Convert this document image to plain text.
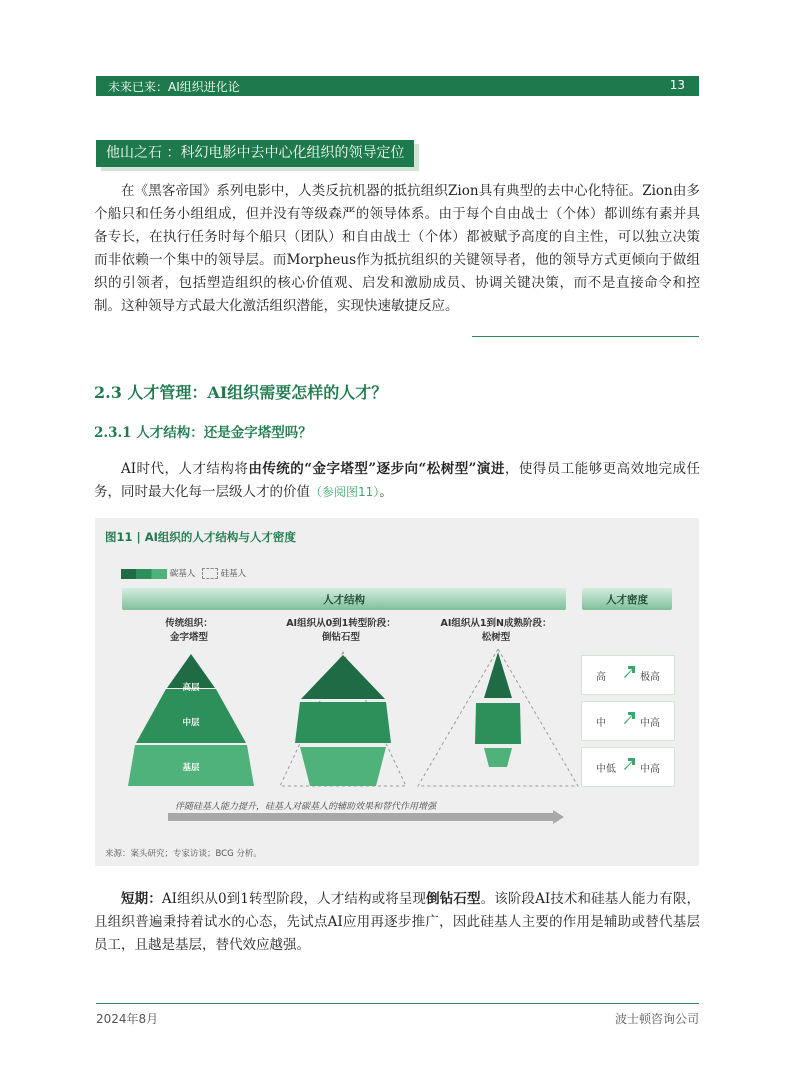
未来已来：AI组织进化论	13
他山之石 ：科幻电影中去中心化组织的领导定位
在《黑客帝国》系列电影中，人类反抗机器的抵抗组织Zion具有典型的去中心化特征。Zion由多个船只和任务小组组成，但并没有等级森严的领导体系。由于每个自由战士（个体）都训练有素并具备专长，在执行任务时每个船只（团队）和自由战士（个体）都被赋予高度的自主性，可以独立决策而非依赖一个集中的领导层。而Morpheus作为抵抗组织的关键领导者，他的领导方式更倾向于做组织的引领者，包括塑造组织的核心价值观、启发和激励成员、协调关键决策，而不是直接命令和控制。这种领导方式最大化激活组织潜能，实现快速敏捷反应。
2.3 人才管理：AI组织需要怎样的人才？
2.3.1 人才结构：还是金字塔型吗？
AI时代，人才结构将由传统的“金字塔型”逐步向“松树型”演进，使得员工能够更高效地完成任务，同时最大化每一层级人才的价值（参阅图11）。
图11 | AI组织的人才结构与人才密度
碳基人	硅基人
人才结构	人才密度
传统组织：
金字塔型
AI组织从0到1转型阶段：
倒钻石型
AI组织从1到N成熟阶段：
松树型
高层
中层
基层
高	极高
中	中高
中低 中高
伴随硅基人能力提升，硅基人对碳基人的辅助效果和替代作用增强
来源：案头研究；专家访谈；BCG 分析。
短期：AI组织从0到1转型阶段，人才结构或将呈现倒钻石型。该阶段AI技术和硅基人能力有限，且组织普遍秉持着试水的心态，先试点AI应用再逐步推广，因此硅基人主要的作用是辅助或替代基层员工，且越是基层，替代效应越强。
2024年8月	波士顿咨询公司
